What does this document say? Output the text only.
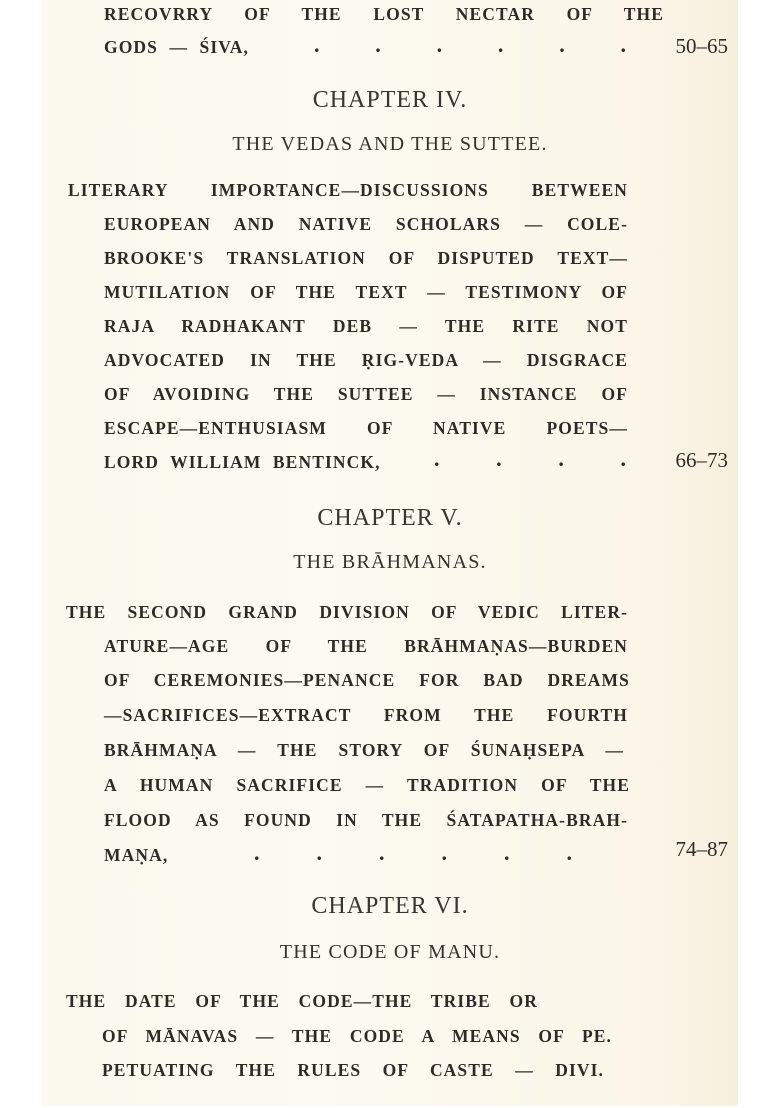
RECOVRRY OF THE LOST NECTAR OF THE
GODS — ŚIVA,	.	.	.	.	.	. 50–65
CHAPTER IV.
THE VEDAS AND THE SUTTEE.
LITERARY IMPORTANCE—DISCUSSIONS BETWEEN
EUROPEAN AND NATIVE SCHOLARS — COLE-
BROOKE'S TRANSLATION OF DISPUTED TEXT—
MUTILATION OF THE TEXT — TESTIMONY OF
RAJA RADHAKANT DEB — THE RITE NOT
ADVOCATED IN THE ṚIG-VEDA — DISGRACE
OF AVOIDING THE SUTTEE — INSTANCE OF
ESCAPE—ENTHUSIASM OF NATIVE POETS—
LORD WILLIAM BENTINCK, .	.	.	. 66–73
CHAPTER V.
THE BRĀHMANAS.
THE SECOND GRAND DIVISION OF VEDIC LITER-
ATURE—AGE OF THE BRĀHMAṆAS—BURDEN
OF CEREMONIES—PENANCE FOR BAD DREAMS
—SACRIFICES—EXTRACT FROM THE FOURTH
BRĀHMAṆA — THE STORY OF ŚUNAḤSEPA —
A HUMAN SACRIFICE — TRADITION OF THE
FLOOD AS FOUND IN THE ŚATAPATHA-BRAH-
MAṆA,	.	.	.	.	.	.	74–87
CHAPTER VI.
THE CODE OF MANU.
THE DATE OF THE CODE—THE TRIBE OR
OF MĀNAVAS — THE CODE A MEANS OF PE.
PETUATING THE RULES OF CASTE — DIVI.
